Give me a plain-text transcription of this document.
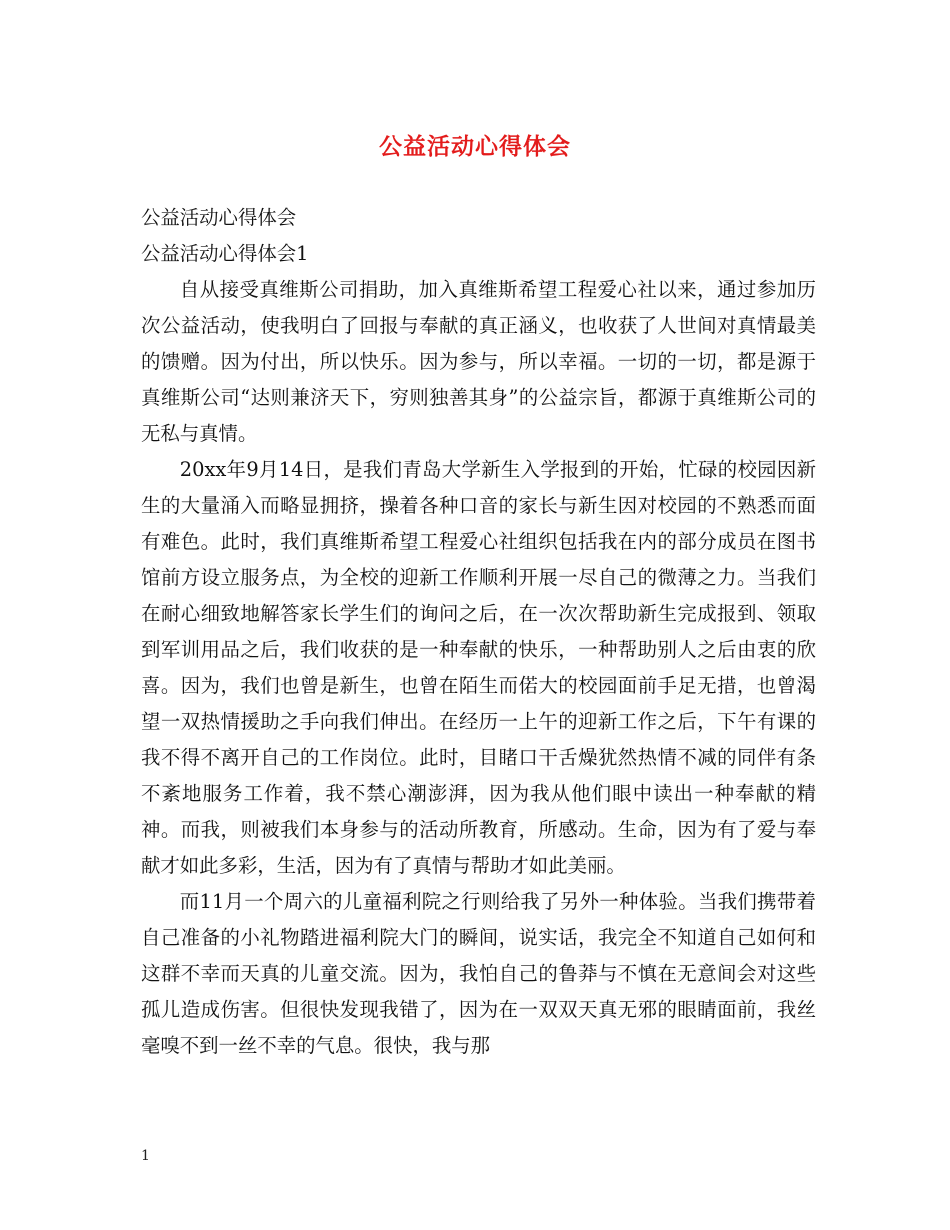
公益活动心得体会

公益活动心得体会

公益活动心得体会1

自从接受真维斯公司捐助，加入真维斯希望工程爱心社以来，通过参加历次公益活动，使我明白了回报与奉献的真正涵义，也收获了人世间对真情最美的馈赠。因为付出，所以快乐。因为参与，所以幸福。一切的一切，都是源于真维斯公司“达则兼济天下，穷则独善其身”的公益宗旨，都源于真维斯公司的无私与真情。

20xx年9月14日，是我们青岛大学新生入学报到的开始，忙碌的校园因新生的大量涌入而略显拥挤，操着各种口音的家长与新生因对校园的不熟悉而面有难色。此时，我们真维斯希望工程爱心社组织包括我在内的部分成员在图书馆前方设立服务点，为全校的迎新工作顺利开展一尽自己的微薄之力。当我们在耐心细致地解答家长学生们的询问之后，在一次次帮助新生完成报到、领取到军训用品之后，我们收获的是一种奉献的快乐，一种帮助别人之后由衷的欣喜。因为，我们也曾是新生，也曾在陌生而偌大的校园面前手足无措，也曾渴望一双热情援助之手向我们伸出。在经历一上午的迎新工作之后，下午有课的我不得不离开自己的工作岗位。此时，目睹口干舌燥犹然热情不减的同伴有条不紊地服务工作着，我不禁心潮澎湃，因为我从他们眼中读出一种奉献的精神。而我，则被我们本身参与的活动所教育，所感动。生命，因为有了爱与奉献才如此多彩，生活，因为有了真情与帮助才如此美丽。

而11月一个周六的儿童福利院之行则给我了另外一种体验。当我们携带着自己准备的小礼物踏进福利院大门的瞬间，说实话，我完全不知道自己如何和这群不幸而天真的儿童交流。因为，我怕自己的鲁莽与不慎在无意间会对这些孤儿造成伤害。但很快发现我错了，因为在一双双天真无邪的眼睛面前，我丝毫嗅不到一丝不幸的气息。很快，我与那

1
